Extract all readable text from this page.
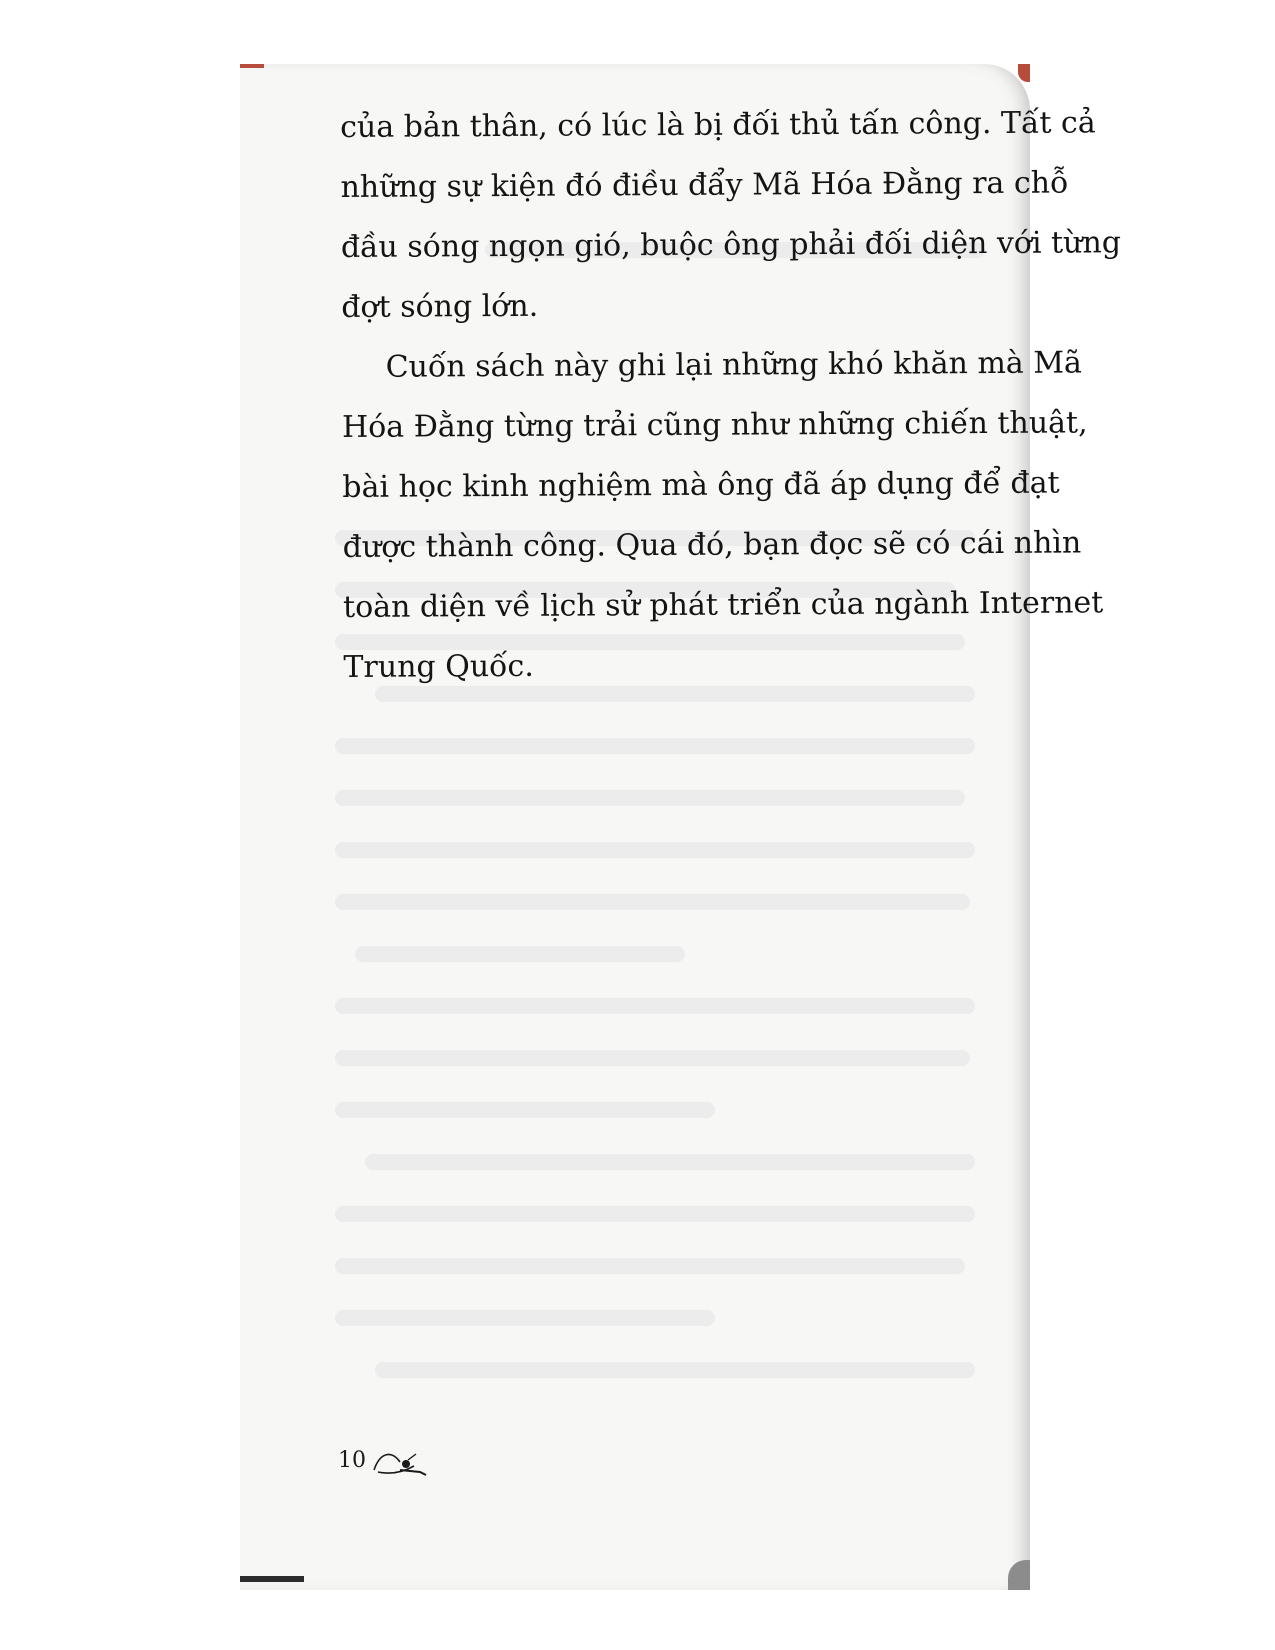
của bản thân, có lúc là bị đối thủ tấn công. Tất cả
những sự kiện đó điều đẩy Mã Hóa Đằng ra chỗ
đầu sóng ngọn gió, buộc ông phải đối diện với từng
đợt sóng lớn.
Cuốn sách này ghi lại những khó khăn mà Mã
Hóa Đằng từng trải cũng như những chiến thuật,
bài học kinh nghiệm mà ông đã áp dụng để đạt
được thành công. Qua đó, bạn đọc sẽ có cái nhìn
toàn diện về lịch sử phát triển của ngành Internet
Trung Quốc.
10
